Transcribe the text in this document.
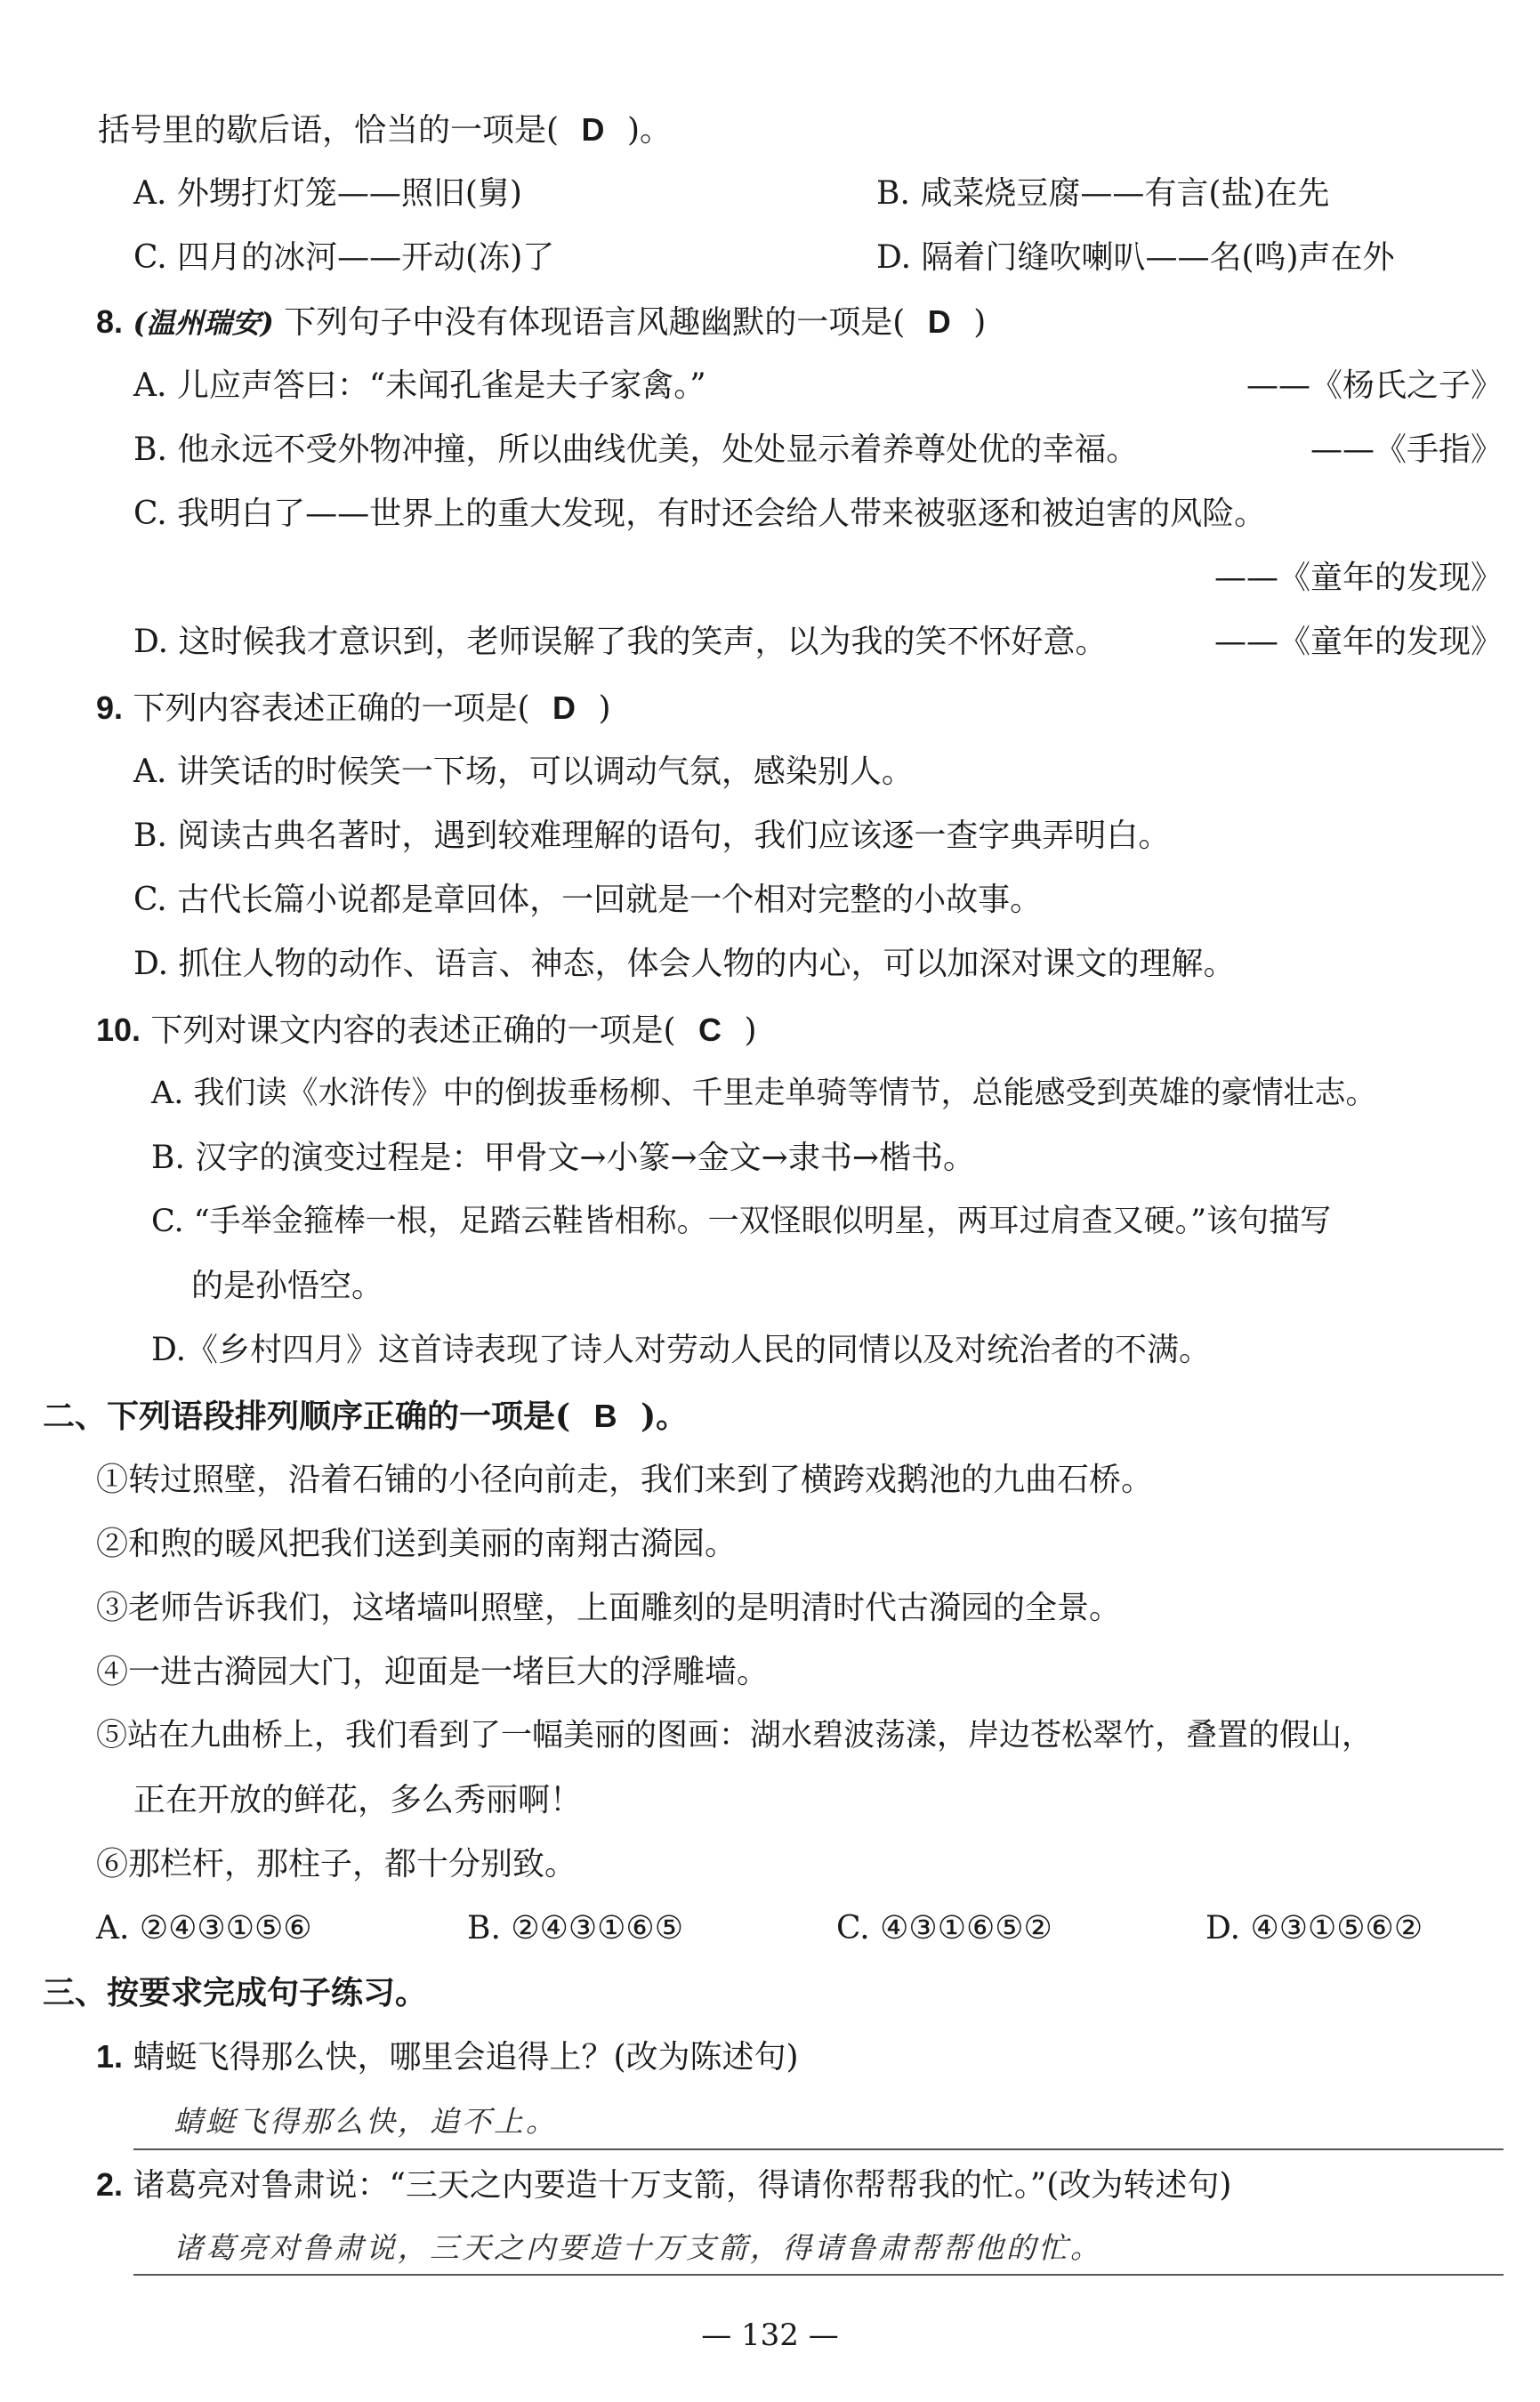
括号里的歇后语，恰当的一项是( D )。
A. 外甥打灯笼——照旧(舅)	B. 咸菜烧豆腐——有言(盐)在先
C. 四月的冰河——开动(冻)了	D. 隔着门缝吹喇叭——名(鸣)声在外
8. (温州瑞安) 下列句子中没有体现语言风趣幽默的一项是( D )
A. 儿应声答曰：“未闻孔雀是夫子家禽。”	——《杨氏之子》
B. 他永远不受外物冲撞，所以曲线优美，处处显示着养尊处优的幸福。	——《手指》
C. 我明白了——世界上的重大发现，有时还会给人带来被驱逐和被迫害的风险。
——《童年的发现》
D. 这时候我才意识到，老师误解了我的笑声，以为我的笑不怀好意。	——《童年的发现》
9. 下列内容表述正确的一项是( D )
A. 讲笑话的时候笑一下场，可以调动气氛，感染别人。
B. 阅读古典名著时，遇到较难理解的语句，我们应该逐一查字典弄明白。
C. 古代长篇小说都是章回体，一回就是一个相对完整的小故事。
D. 抓住人物的动作、语言、神态，体会人物的内心，可以加深对课文的理解。
10. 下列对课文内容的表述正确的一项是( C )
A. 我们读《水浒传》中的倒拔垂杨柳、千里走单骑等情节，总能感受到英雄的豪情壮志。
B. 汉字的演变过程是：甲骨文→小篆→金文→隶书→楷书。
C. “手举金箍棒一根，足踏云鞋皆相称。一双怪眼似明星，两耳过肩查又硬。”该句描写
的是孙悟空。
D.《乡村四月》这首诗表现了诗人对劳动人民的同情以及对统治者的不满。
二、下列语段排列顺序正确的一项是( B )。
①转过照壁，沿着石铺的小径向前走，我们来到了横跨戏鹅池的九曲石桥。
②和煦的暖风把我们送到美丽的南翔古漪园。
③老师告诉我们，这堵墙叫照壁，上面雕刻的是明清时代古漪园的全景。
④一进古漪园大门，迎面是一堵巨大的浮雕墙。
⑤站在九曲桥上，我们看到了一幅美丽的图画：湖水碧波荡漾，岸边苍松翠竹，叠置的假山，
正在开放的鲜花，多么秀丽啊！
⑥那栏杆，那柱子，都十分别致。
A. ②④③①⑤⑥	B. ②④③①⑥⑤	C. ④③①⑥⑤②	D. ④③①⑤⑥②
三、按要求完成句子练习。
1. 蜻蜓飞得那么快，哪里会追得上？(改为陈述句)
蜻蜓飞得那么快，追不上。
2. 诸葛亮对鲁肃说：“三天之内要造十万支箭，得请你帮帮我的忙。”(改为转述句)
诸葛亮对鲁肃说，三天之内要造十万支箭，得请鲁肃帮帮他的忙。
— 132 —
